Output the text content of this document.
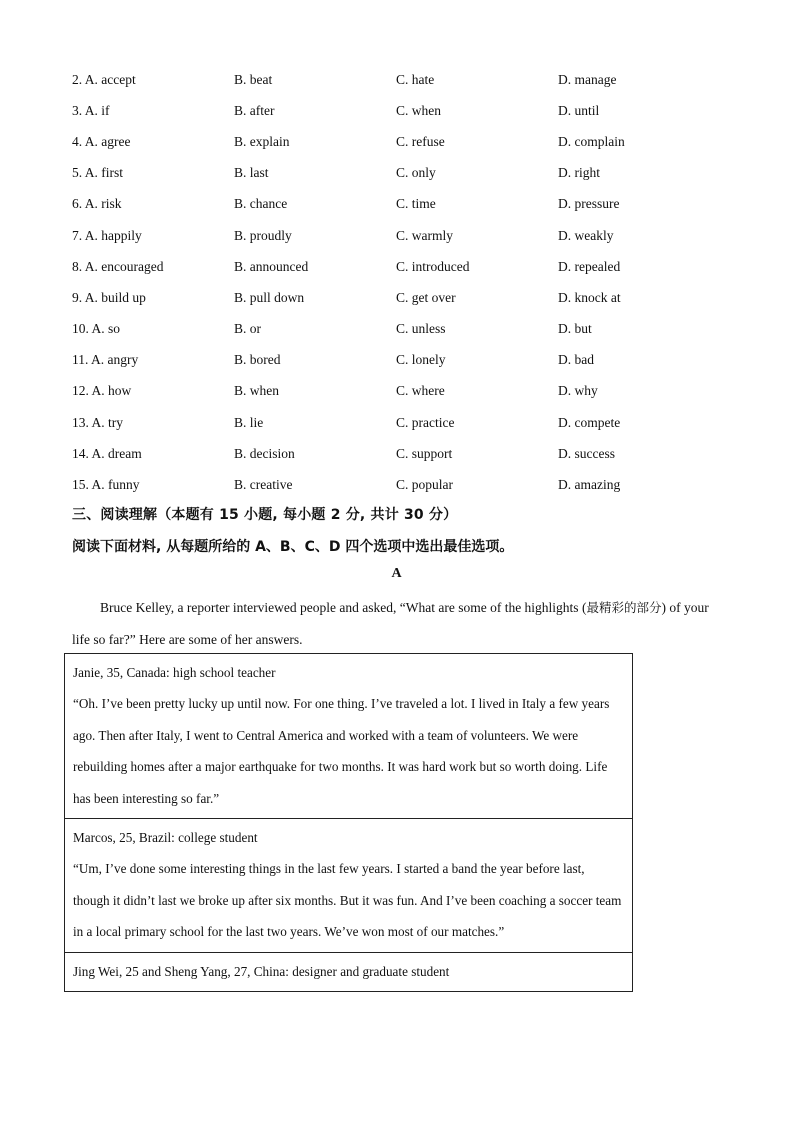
2. A. accept	B. beat	C. hate	D. manage
3. A. if	B. after	C. when	D. until
4. A. agree	B. explain	C. refuse	D. complain
5. A. first	B. last	C. only	D. right
6. A. risk	B. chance	C. time	D. pressure
7. A. happily	B. proudly	C. warmly	D. weakly
8. A. encouraged	B. announced	C. introduced	D. repealed
9. A. build up	B. pull down	C. get over	D. knock at
10. A. so	B. or	C. unless	D. but
11. A. angry	B. bored	C. lonely	D. bad
12. A. how	B. when	C. where	D. why
13. A. try	B. lie	C. practice	D. compete
14. A. dream	B. decision	C. support	D. success
15. A. funny	B. creative	C. popular	D. amazing
三、阅读理解（本题有 15 小题, 每小题 2 分, 共计 30 分）
阅读下面材料, 从每题所给的 A、B、C、D 四个选项中选出最佳选项。
A
Bruce Kelley, a reporter interviewed people and asked, “What are some of the highlights (最精彩的部分) of your life so far?” Here are some of her answers.
Janie, 35, Canada: high school teacher
“Oh. I’ve been pretty lucky up until now. For one thing. I’ve traveled a lot. I lived in Italy a few years ago. Then after Italy, I went to Central America and worked with a team of volunteers. We were rebuilding homes after a major earthquake for two months. It was hard work but so worth doing. Life has been interesting so far.”
Marcos, 25, Brazil: college student
“Um, I’ve done some interesting things in the last few years. I started a band the year before last, though it didn’t last we broke up after six months. But it was fun. And I’ve been coaching a soccer team in a local primary school for the last two years. We’ve won most of our matches.”
Jing Wei, 25 and Sheng Yang, 27, China: designer and graduate student
